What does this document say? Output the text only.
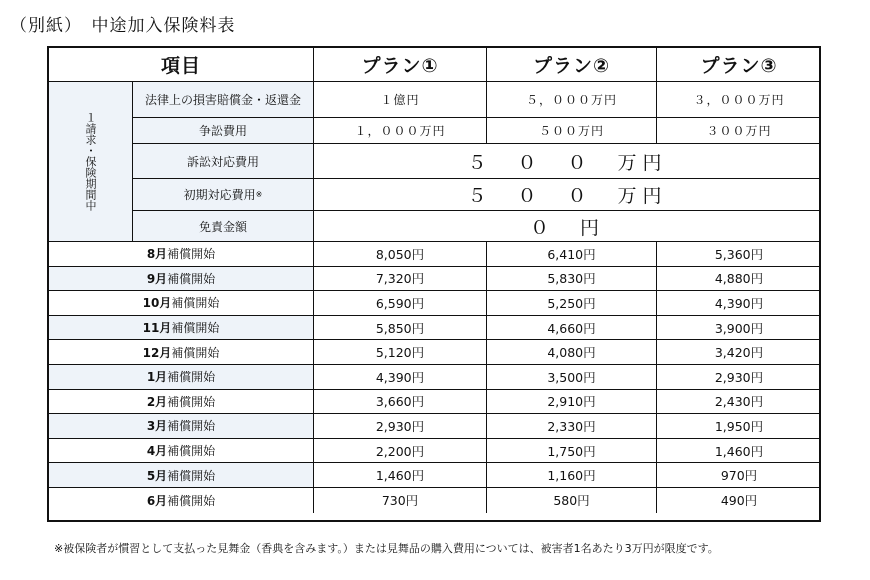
（別紙）　中途加入保険料表
項目	プラン①	プラン②	プラン③
１請求・保険期間中
法律上の損害賠償金・返還金	１億円	５，０００万円	３，０００万円
争訟費用	１，０００万円	５００万円	３００万円
訴訟対応費用	５　０　０　万円
初期対応費用 ※	５　０　０　万円
免責金額	０　円
8月 補償開始	8,050円	6,410円	5,360円
9月 補償開始	7,320円	5,830円	4,880円
10月 補償開始	6,590円	5,250円	4,390円
11月 補償開始	5,850円	4,660円	3,900円
12月 補償開始	5,120円	4,080円	3,420円
1月 補償開始	4,390円	3,500円	2,930円
2月 補償開始	3,660円	2,910円	2,430円
3月 補償開始	2,930円	2,330円	1,950円
4月 補償開始	2,200円	1,750円	1,460円
5月 補償開始	1,460円	1,160円	970円
6月 補償開始	730円	580円	490円
※被保険者が慣習として支払った見舞金（香典を含みます。）または見舞品の購入費用については、被害者1名あたり3万円が限度です。
